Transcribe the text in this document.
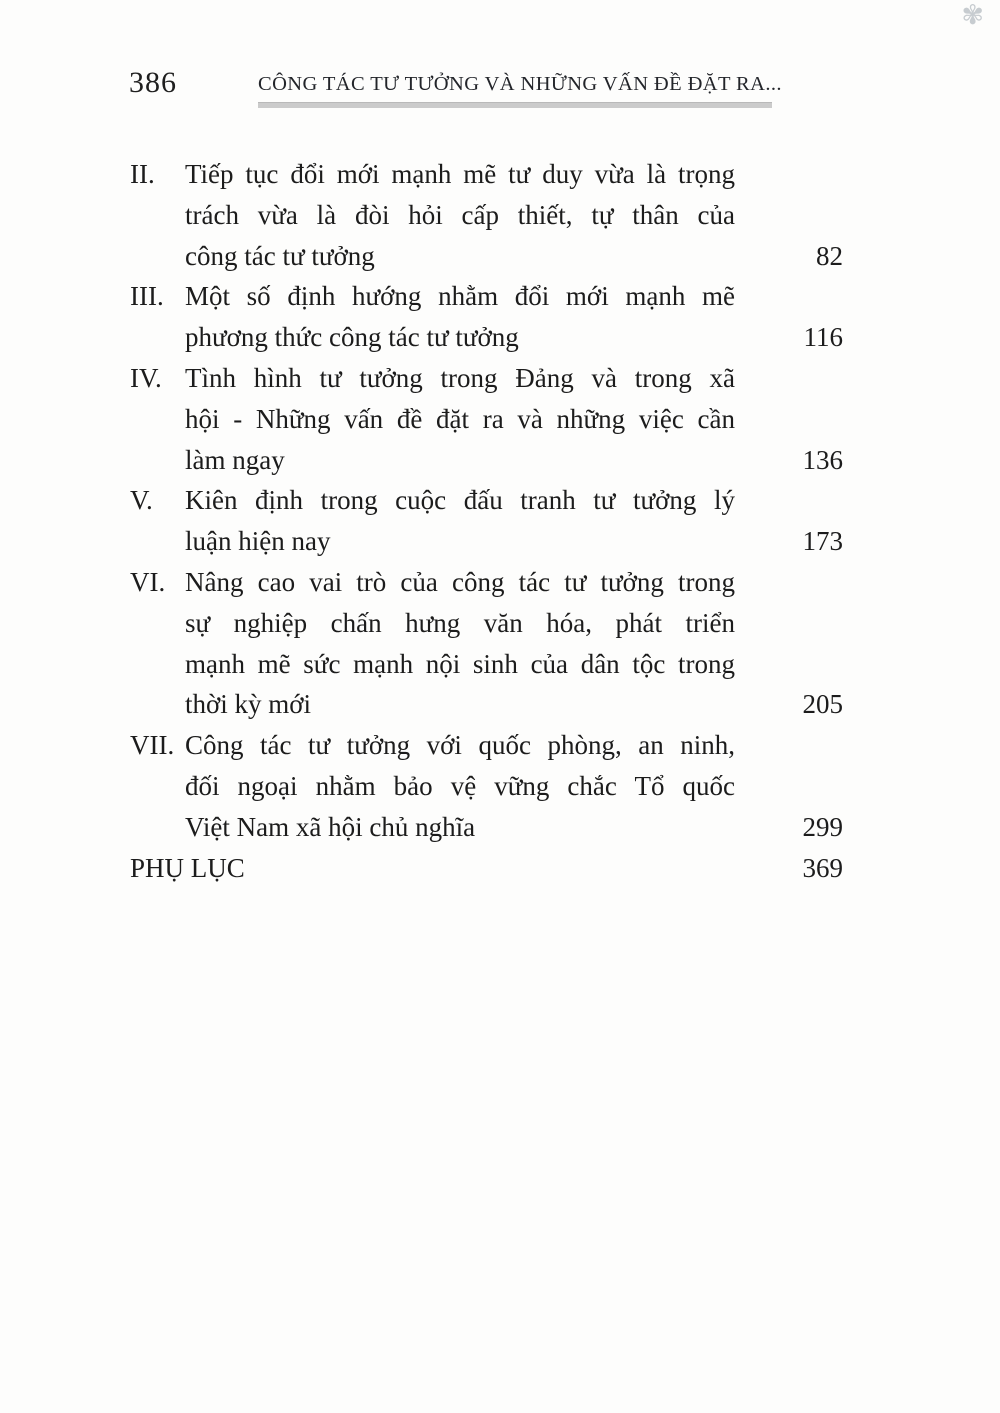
✾
386	CÔNG TÁC TƯ TƯỞNG VÀ NHỮNG VẤN ĐỀ ĐẶT RA...
II. Tiếp tục đổi mới mạnh mẽ tư duy vừa là trọng
trách vừa là đòi hỏi cấp thiết, tự thân của
công tác tư tưởng	82
III. Một số định hướng nhằm đổi mới mạnh mẽ
phương thức công tác tư tưởng	116
IV. Tình hình tư tưởng trong Đảng và trong xã
hội - Những vấn đề đặt ra và những việc cần
làm ngay	136
V. Kiên định trong cuộc đấu tranh tư tưởng lý
luận hiện nay	173
VI. Nâng cao vai trò của công tác tư tưởng trong
sự nghiệp chấn hưng văn hóa, phát triển
mạnh mẽ sức mạnh nội sinh của dân tộc trong
thời kỳ mới	205
VII. Công tác tư tưởng với quốc phòng, an ninh,
đối ngoại nhằm bảo vệ vững chắc Tổ quốc
Việt Nam xã hội chủ nghĩa	299
PHỤ LỤC	369
